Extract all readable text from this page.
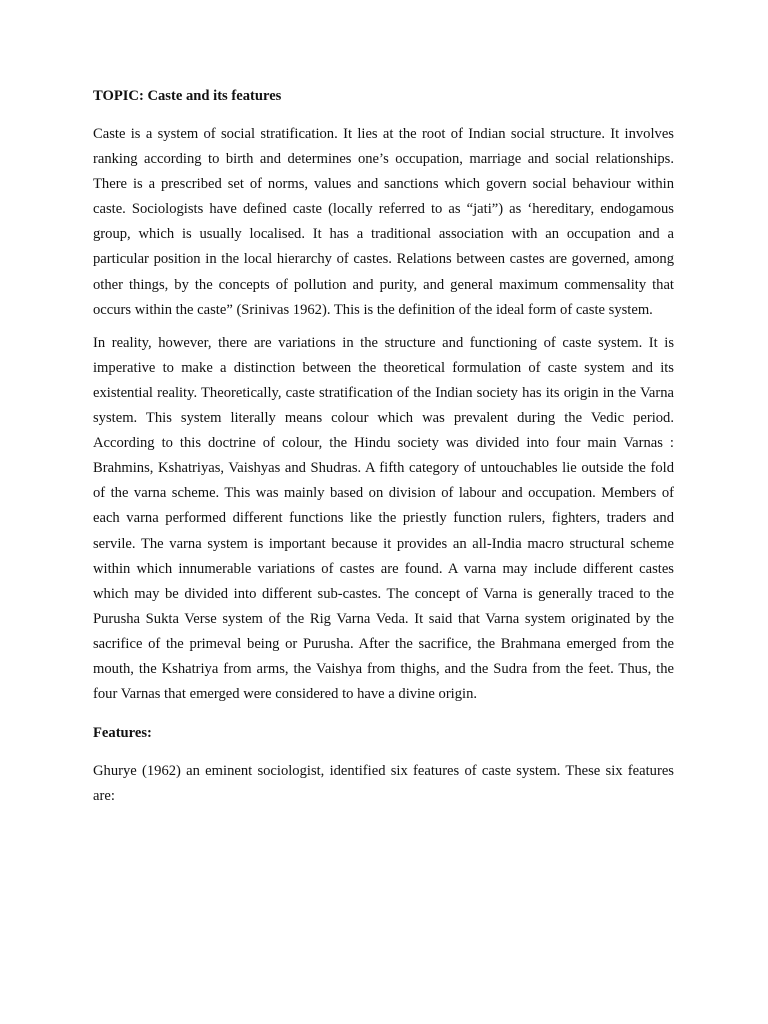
TOPIC: Caste and its features

Caste is a system of social stratification. It lies at the root of Indian social structure. It involves ranking according to birth and determines one’s occupation, marriage and social relationships. There is a prescribed set of norms, values and sanctions which govern social behaviour within caste. Sociologists have defined caste (locally referred to as “jati”) as ‘hereditary, endogamous group, which is usually localised. It has a traditional association with an occupation and a particular position in the local hierarchy of castes. Relations between castes are governed, among other things, by the concepts of pollution and purity, and general maximum commensality that occurs within the caste” (Srinivas 1962). This is the definition of the ideal form of caste system.

In reality, however, there are variations in the structure and functioning of caste system. It is imperative to make a distinction between the theoretical formulation of caste system and its existential reality. Theoretically, caste stratification of the Indian society has its origin in the Varna system. This system literally means colour which was prevalent during the Vedic period. According to this doctrine of colour, the Hindu society was divided into four main Varnas : Brahmins, Kshatriyas, Vaishyas and Shudras. A fifth category of untouchables lie outside the fold of the varna scheme. This was mainly based on division of labour and occupation. Members of each varna performed different functions like the priestly function rulers, fighters, traders and servile. The varna system is important because it provides an all-India macro structural scheme within which innumerable variations of castes are found. A varna may include different castes which may be divided into different sub-castes. The concept of Varna is generally traced to the Purusha Sukta Verse system of the Rig Varna Veda. It said that Varna system originated by the sacrifice of the primeval being or Purusha. After the sacrifice, the Brahmana emerged from the mouth, the Kshatriya from arms, the Vaishya from thighs, and the Sudra from the feet. Thus, the four Varnas that emerged were considered to have a divine origin.

Features:

Ghurye (1962) an eminent sociologist, identified six features of caste system. These six features are:
